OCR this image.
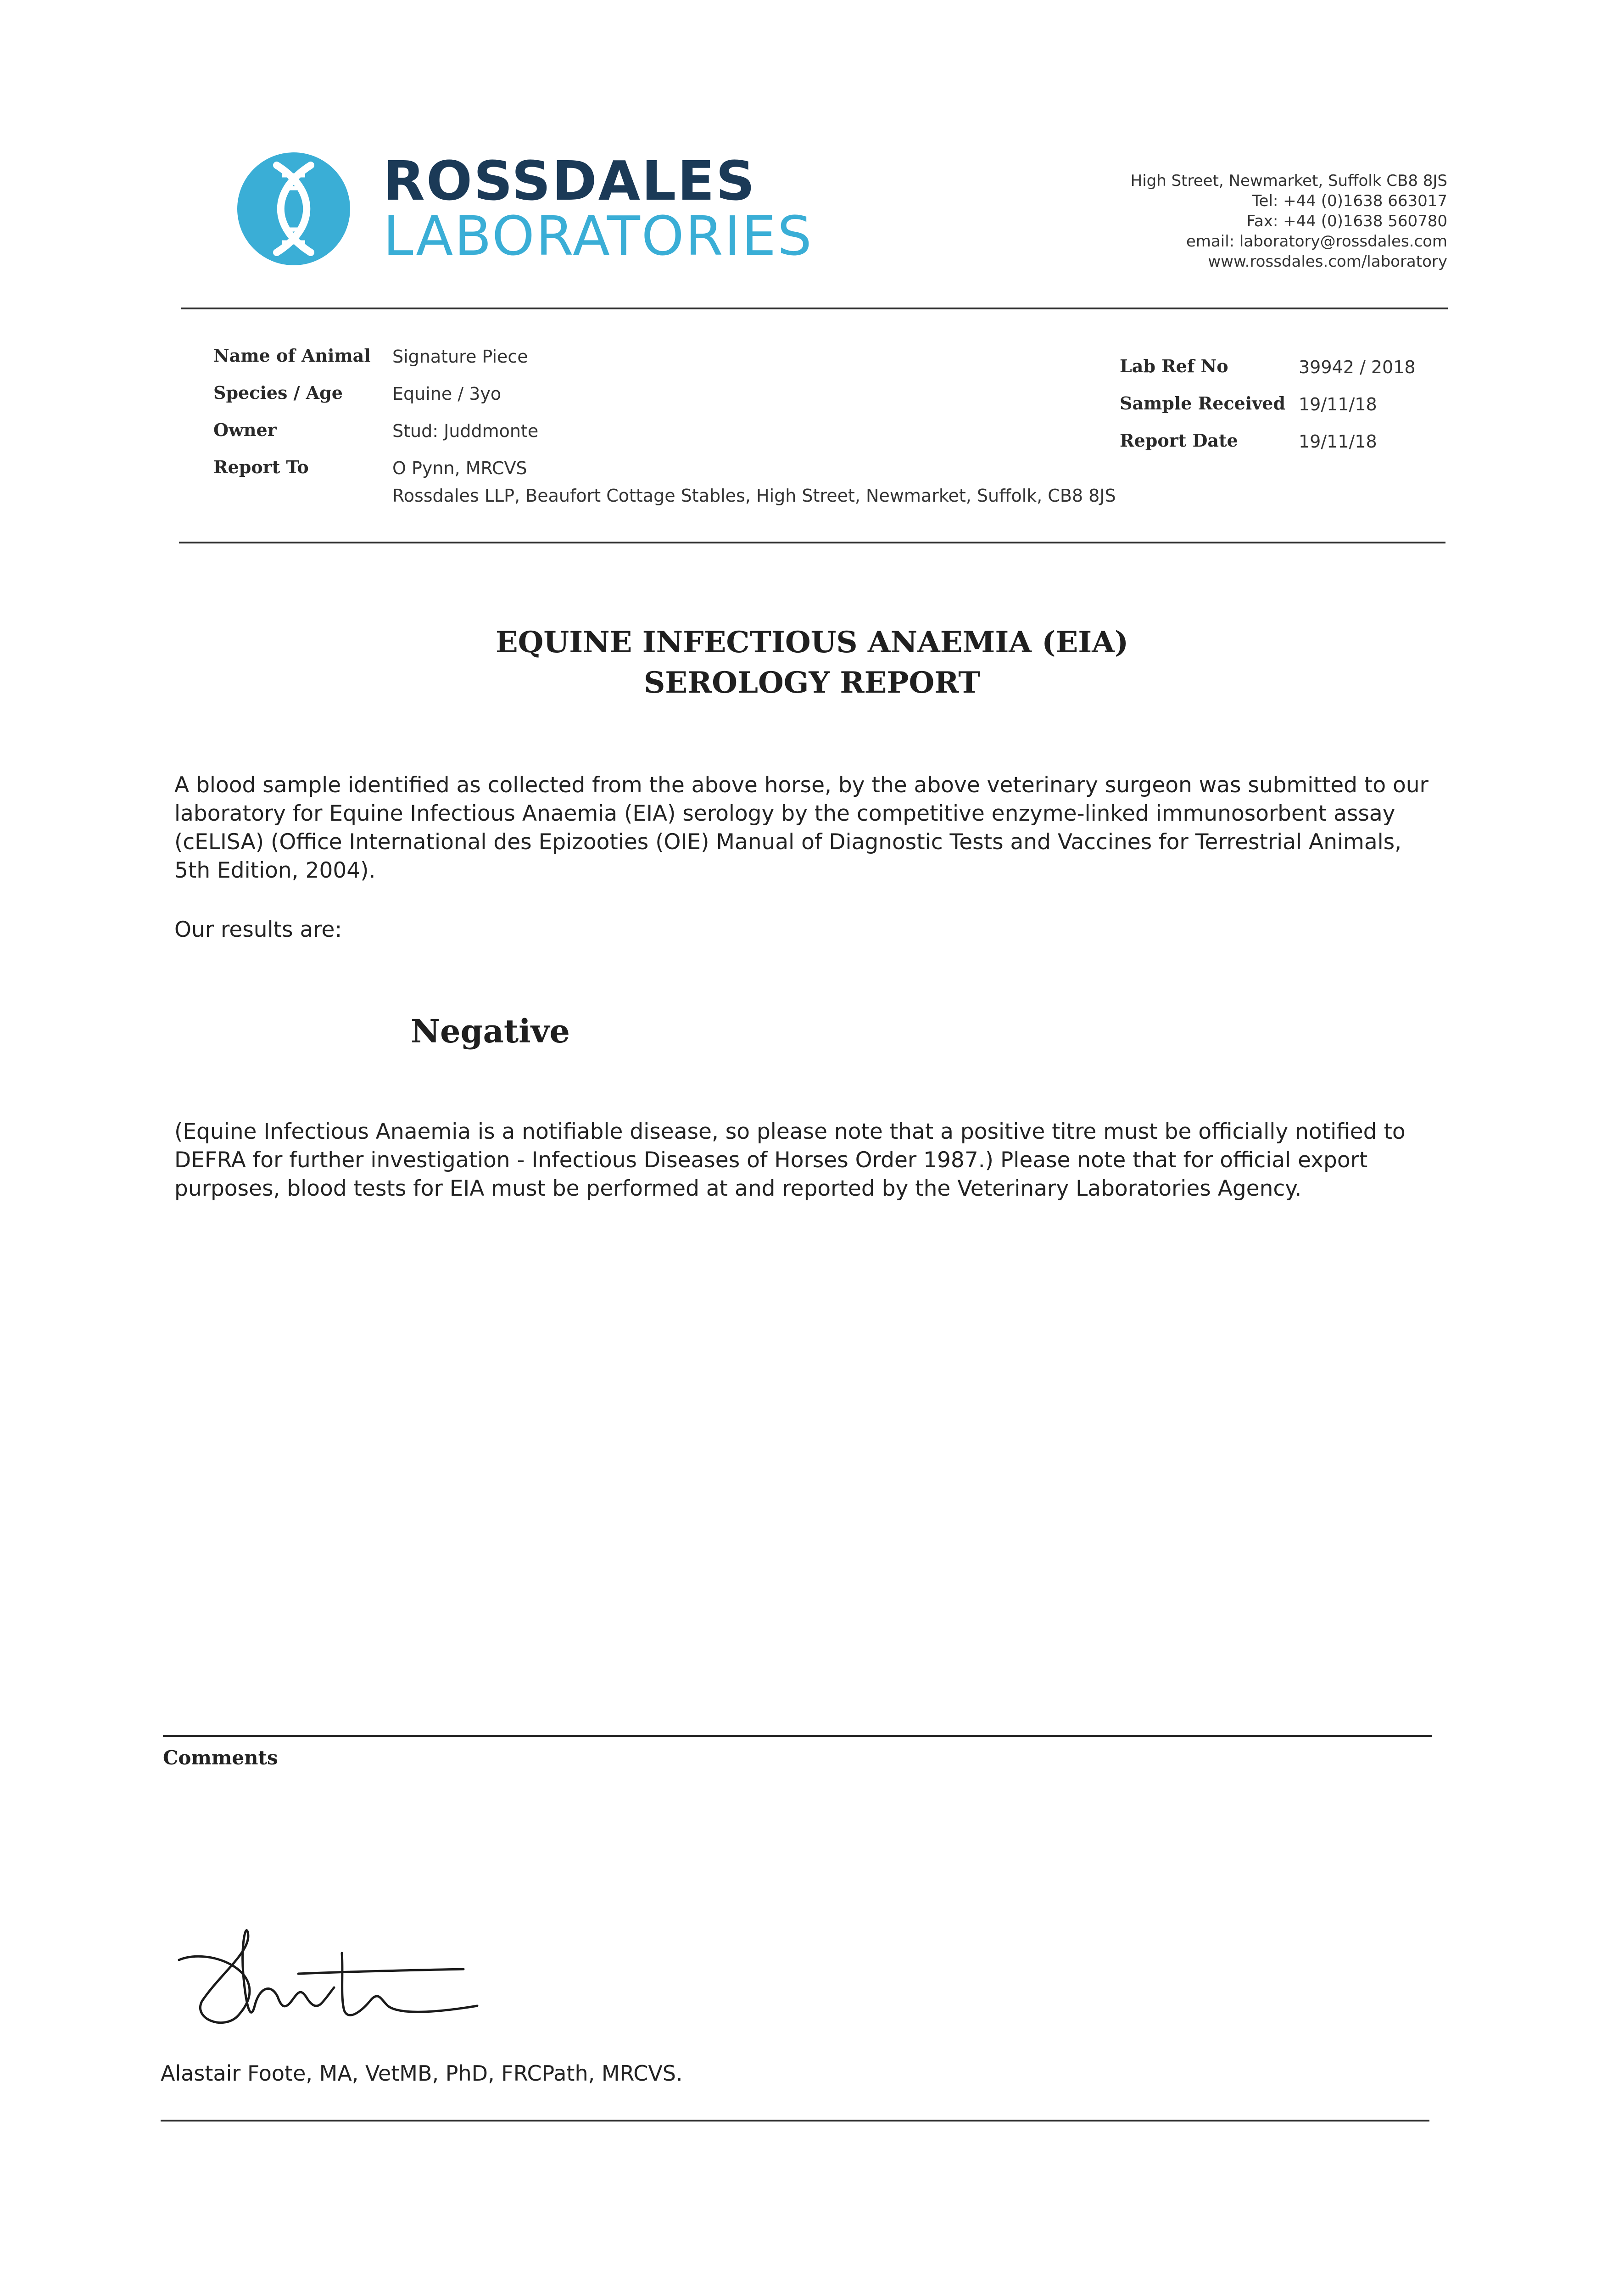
ROSSDALES
LABORATORIES
High Street, Newmarket, Suffolk CB8 8JS
Tel: +44 (0)1638 663017
Fax: +44 (0)1638 560780
email: laboratory@rossdales.com
www.rossdales.com/laboratory
Name of Animal Signature Piece
Species / Age	Equine / 3yo
Owner	Stud: Juddmonte
Report To	O Pynn, MRCVS
Rossdales LLP, Beaufort Cottage Stables, High Street, Newmarket, Suffolk, CB8 8JS
Lab Ref No	39942 / 2018
Sample Received 19/11/18
Report Date	19/11/18
EQUINE INFECTIOUS ANAEMIA (EIA)
SEROLOGY REPORT
A blood sample identified as collected from the above horse, by the above veterinary surgeon was submitted to our laboratory for Equine Infectious Anaemia (EIA) serology by the competitive enzyme-linked immunosorbent assay (cELISA) (Office International des Epizooties (OIE) Manual of Diagnostic Tests and Vaccines for Terrestrial Animals, 5th Edition, 2004).
Our results are:
Negative
(Equine Infectious Anaemia is a notifiable disease, so please note that a positive titre must be officially notified to DEFRA for further investigation - Infectious Diseases of Horses Order 1987.) Please note that for official export purposes, blood tests for EIA must be performed at and reported by the Veterinary Laboratories Agency.
Comments
Alastair Foote, MA, VetMB, PhD, FRCPath, MRCVS.
